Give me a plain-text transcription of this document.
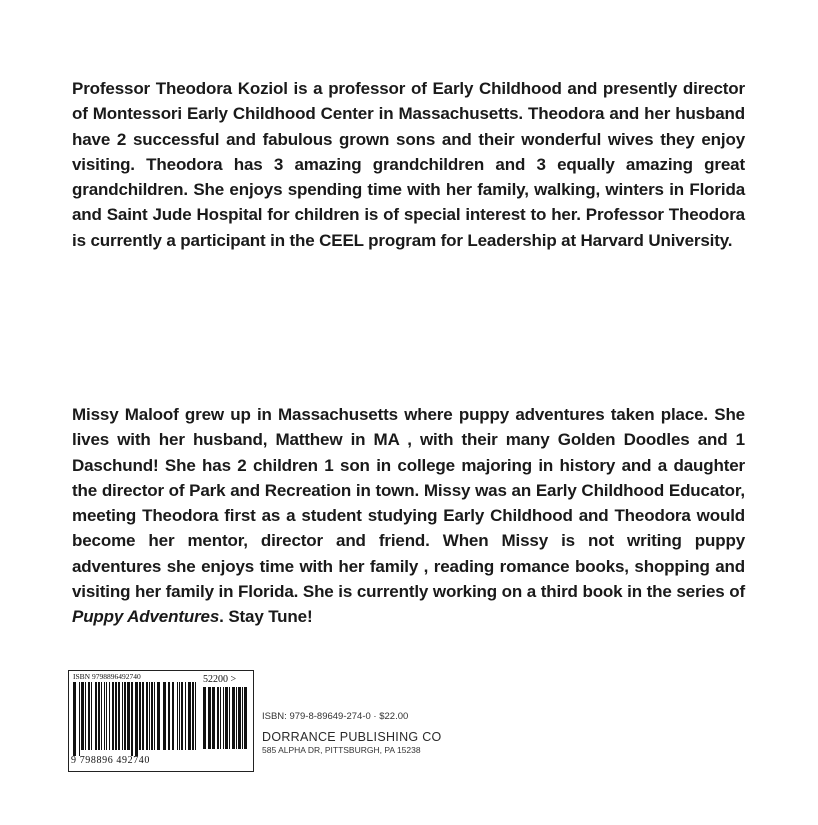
Professor Theodora Koziol is a professor of Early Childhood and presently director of Montessori Early Childhood Center in Massachusetts. Theodora and her husband have 2 successful and fabulous grown sons and their wonderful wives they enjoy visiting. Theodora has 3 amazing grandchildren and 3 equally amazing great grandchildren. She enjoys spending time with her family, walking, winters in Florida and Saint Jude Hospital for children is of special interest to her. Professor Theodora is currently a participant in the CEEL program for Leadership at Harvard University.

Missy Maloof grew up in Massachusetts where puppy adventures taken place. She lives with her husband, Matthew in MA , with their many Golden Doodles and 1 Daschund! She has 2 children 1 son in college majoring in history and a daughter the director of Park and Recreation in town. Missy was an Early Childhood Educator, meeting Theodora first as a student studying Early Childhood and Theodora would become her mentor, director and friend. When Missy is not writing puppy adventures she enjoys time with her family , reading romance books, shopping and visiting her family in Florida. She is currently working on a third book in the series of Puppy Adventures. Stay Tune!

ISBN 9798896492740	52200 >
9 798896 492740

ISBN: 979-8-89649-274-0 · $22.00

DORRANCE PUBLISHING CO

585 ALPHA DR, PITTSBURGH, PA 15238
